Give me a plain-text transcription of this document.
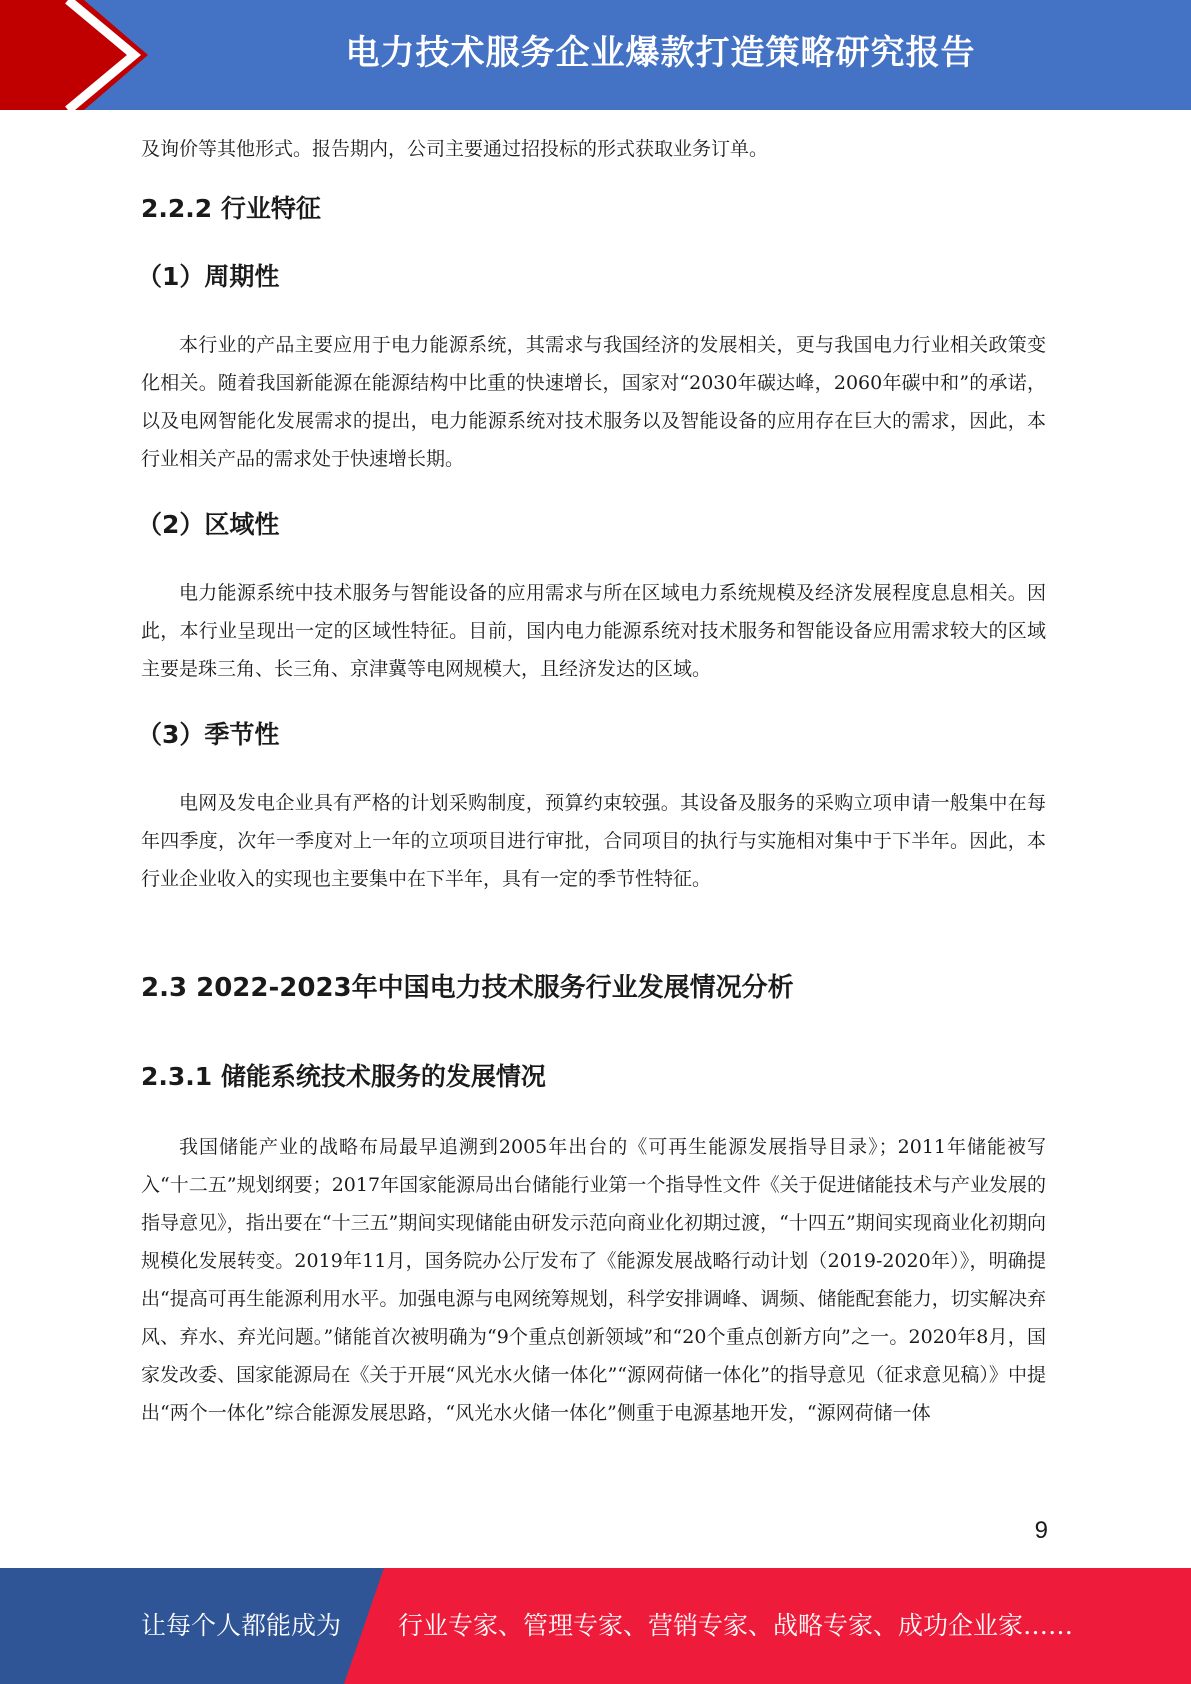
电力技术服务企业爆款打造策略研究报告

及询价等其他形式。报告期内，公司主要通过招投标的形式获取业务订单。

2.2.2 行业特征
（1）周期性

本行业的产品主要应用于电力能源系统，其需求与我国经济的发展相关，更与我国电力行业相关政策变化相关。随着我国新能源在能源结构中比重的快速增长，国家对“2030年碳达峰，2060年碳中和”的承诺，以及电网智能化发展需求的提出，电力能源系统对技术服务以及智能设备的应用存在巨大的需求，因此，本行业相关产品的需求处于快速增长期。

（2）区域性

电力能源系统中技术服务与智能设备的应用需求与所在区域电力系统规模及经济发展程度息息相关。因此，本行业呈现出一定的区域性特征。目前，国内电力能源系统对技术服务和智能设备应用需求较大的区域主要是珠三角、长三角、京津冀等电网规模大，且经济发达的区域。

（3）季节性

电网及发电企业具有严格的计划采购制度，预算约束较强。其设备及服务的采购立项申请一般集中在每年四季度，次年一季度对上一年的立项项目进行审批，合同项目的执行与实施相对集中于下半年。因此，本行业企业收入的实现也主要集中在下半年，具有一定的季节性特征。

2.3 2022-2023年中国电力技术服务行业发展情况分析
2.3.1 储能系统技术服务的发展情况

我国储能产业的战略布局最早追溯到2005年出台的《可再生能源发展指导目录》；2011年储能被写入“十二五”规划纲要；2017年国家能源局出台储能行业第一个指导性文件《关于促进储能技术与产业发展的指导意见》，指出要在“十三五”期间实现储能由研发示范向商业化初期过渡，“十四五”期间实现商业化初期向规模化发展转变。2019年11月，国务院办公厅发布了《能源发展战略行动计划（2019-2020年）》，明确提出“提高可再生能源利用水平。加强电源与电网统筹规划，科学安排调峰、调频、储能配套能力，切实解决弃风、弃水、弃光问题。”储能首次被明确为“9个重点创新领域”和“20个重点创新方向”之一。2020年8月，国家发改委、国家能源局在《关于开展“风光水火储一体化”“源网荷储一体化”的指导意见（征求意见稿）》中提出“两个一体化”综合能源发展思路，“风光水火储一体化”侧重于电源基地开发，“源网荷储一体

9
让每个人都能成为 行业专家、管理专家、营销专家、战略专家、成功企业家……
